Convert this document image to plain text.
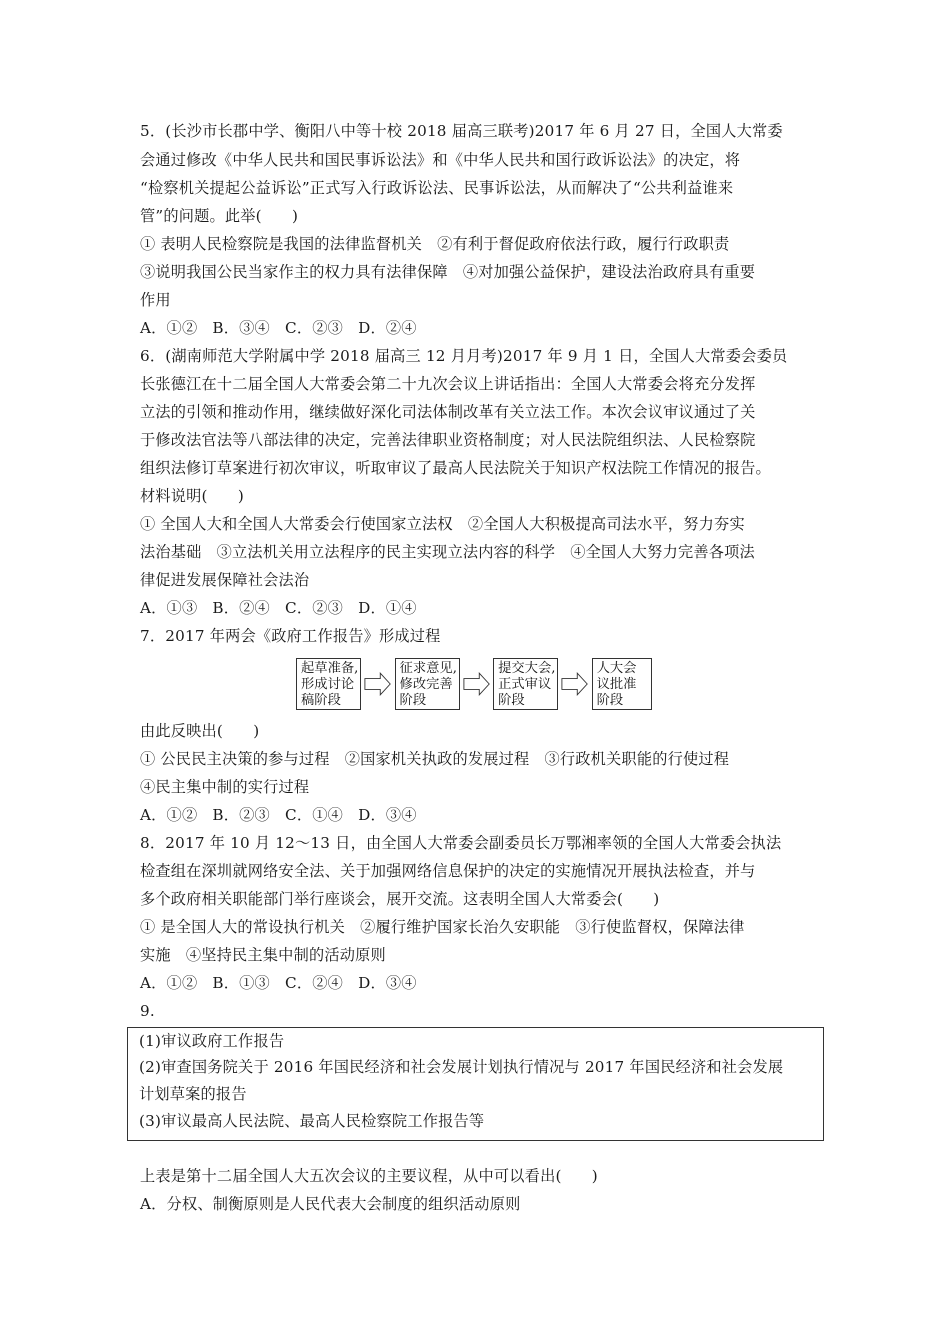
5．(长沙市长郡中学、衡阳八中等十校 2018 届高三联考)2017 年 6 月 27 日，全国人大常委
会通过修改《中华人民共和国民事诉讼法》和《中华人民共和国行政诉讼法》的决定，将
“检察机关提起公益诉讼”正式写入行政诉讼法、民事诉讼法，从而解决了“公共利益谁来
管”的问题。此举(      )
① 表明人民检察院是我国的法律监督机关   ②有利于督促政府依法行政，履行行政职责
③说明我国公民当家作主的权力具有法律保障   ④对加强公益保护，建设法治政府具有重要
作用
A．①②   B．③④   C．②③   D．②④
6．(湖南师范大学附属中学 2018 届高三 12 月月考)2017 年 9 月 1 日，全国人大常委会委员
长张德江在十二届全国人大常委会第二十九次会议上讲话指出：全国人大常委会将充分发挥
立法的引领和推动作用，继续做好深化司法体制改革有关立法工作。本次会议审议通过了关
于修改法官法等八部法律的决定，完善法律职业资格制度；对人民法院组织法、人民检察院
组织法修订草案进行初次审议，听取审议了最高人民法院关于知识产权法院工作情况的报告。
材料说明(      )
① 全国人大和全国人大常委会行使国家立法权   ②全国人大积极提高司法水平，努力夯实
法治基础   ③立法机关用立法程序的民主实现立法内容的科学   ④全国人大努力完善各项法
律促进发展保障社会法治
A．①③   B．②④   C．②③   D．①④
7．2017 年两会《政府工作报告》形成过程
起草准备,
形成讨论
稿阶段
征求意见,
修改完善
阶段
提交大会,
正式审议
阶段
人大会
议批准
阶段
由此反映出(      )
① 公民民主决策的参与过程   ②国家机关执政的发展过程   ③行政机关职能的行使过程
④民主集中制的实行过程
A．①②   B．②③   C．①④   D．③④
8．2017 年 10 月 12～13 日，由全国人大常委会副委员长万鄂湘率领的全国人大常委会执法
检查组在深圳就网络安全法、关于加强网络信息保护的决定的实施情况开展执法检查，并与
多个政府相关职能部门举行座谈会，展开交流。这表明全国人大常委会(      )
① 是全国人大的常设执行机关   ②履行维护国家长治久安职能   ③行使监督权，保障法律
实施   ④坚持民主集中制的活动原则
A．①②   B．①③   C．②④   D．③④
9.
(1)审议政府工作报告
(2)审查国务院关于 2016 年国民经济和社会发展计划执行情况与 2017 年国民经济和社会发展
计划草案的报告
(3)审议最高人民法院、最高人民检察院工作报告等
上表是第十二届全国人大五次会议的主要议程，从中可以看出(      )
A．分权、制衡原则是人民代表大会制度的组织活动原则
